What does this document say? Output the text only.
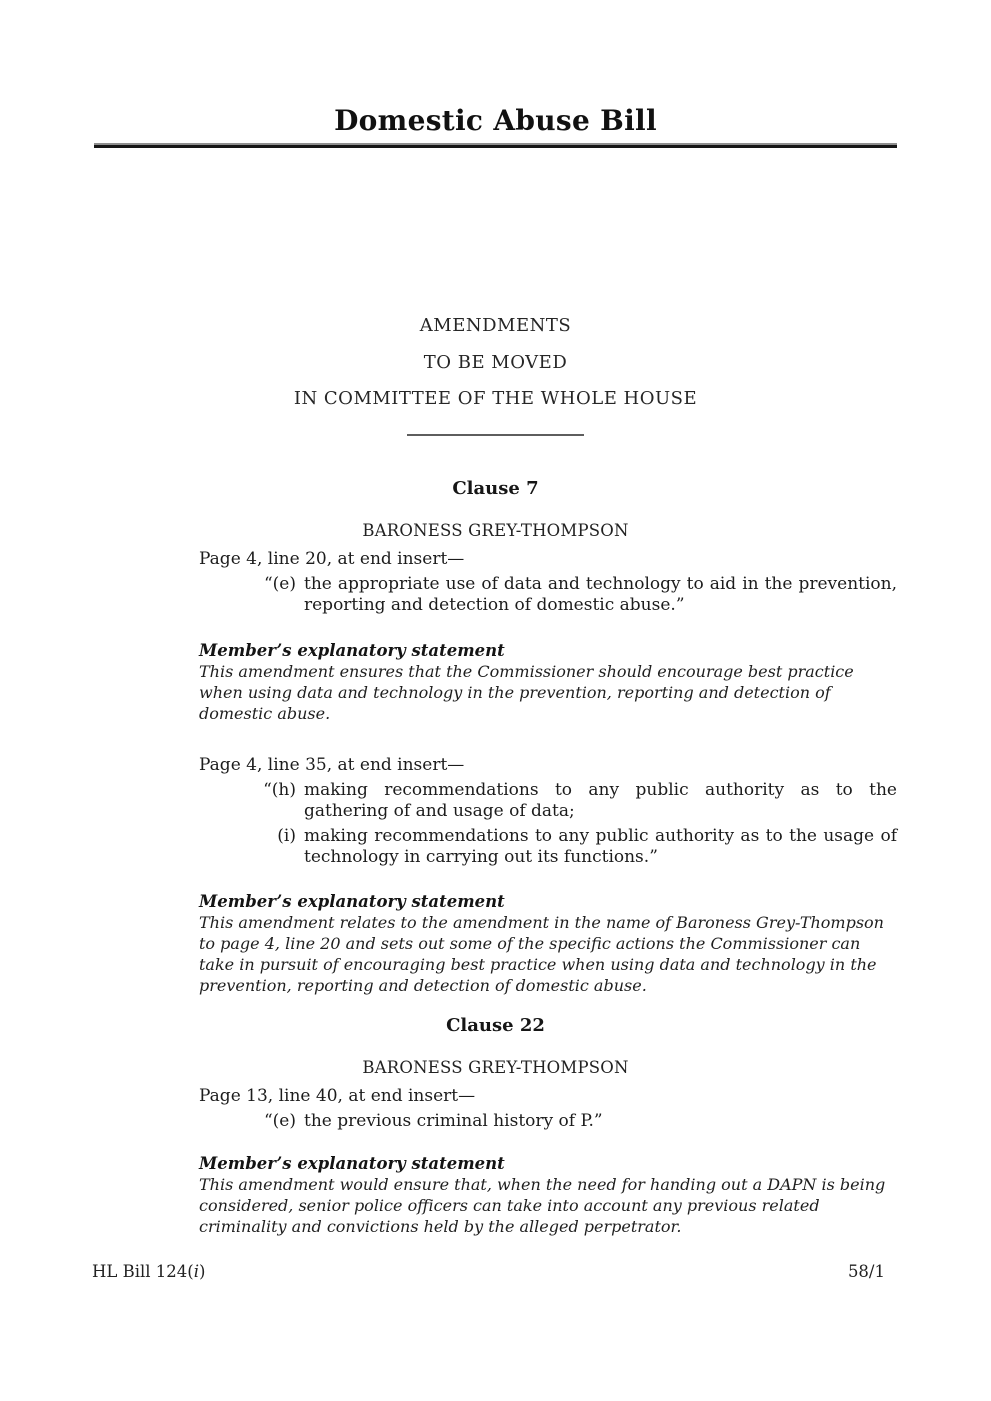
Domestic Abuse Bill
AMENDMENTS
TO BE MOVED
IN COMMITTEE OF THE WHOLE HOUSE
Clause 7
BARONESS GREY-THOMPSON
Page 4, line 20, at end insert—
“(e) the appropriate use of data and technology to aid in the prevention, reporting and detection of domestic abuse.”
Member’s explanatory statement
This amendment ensures that the Commissioner should encourage best practice when using data and technology in the prevention, reporting and detection of domestic abuse.
Page 4, line 35, at end insert—
“(h) making recommendations to any public authority as to the gathering of and usage of data;
(i) making recommendations to any public authority as to the usage of technology in carrying out its functions.”
Member’s explanatory statement
This amendment relates to the amendment in the name of Baroness Grey-Thompson to page 4, line 20 and sets out some of the specific actions the Commissioner can take in pursuit of encouraging best practice when using data and technology in the prevention, reporting and detection of domestic abuse.
Clause 22
BARONESS GREY-THOMPSON
Page 13, line 40, at end insert—
“(e) the previous criminal history of P.”
Member’s explanatory statement
This amendment would ensure that, when the need for handing out a DAPN is being considered, senior police officers can take into account any previous related criminality and convictions held by the alleged perpetrator.
HL Bill 124(i)	58/1
